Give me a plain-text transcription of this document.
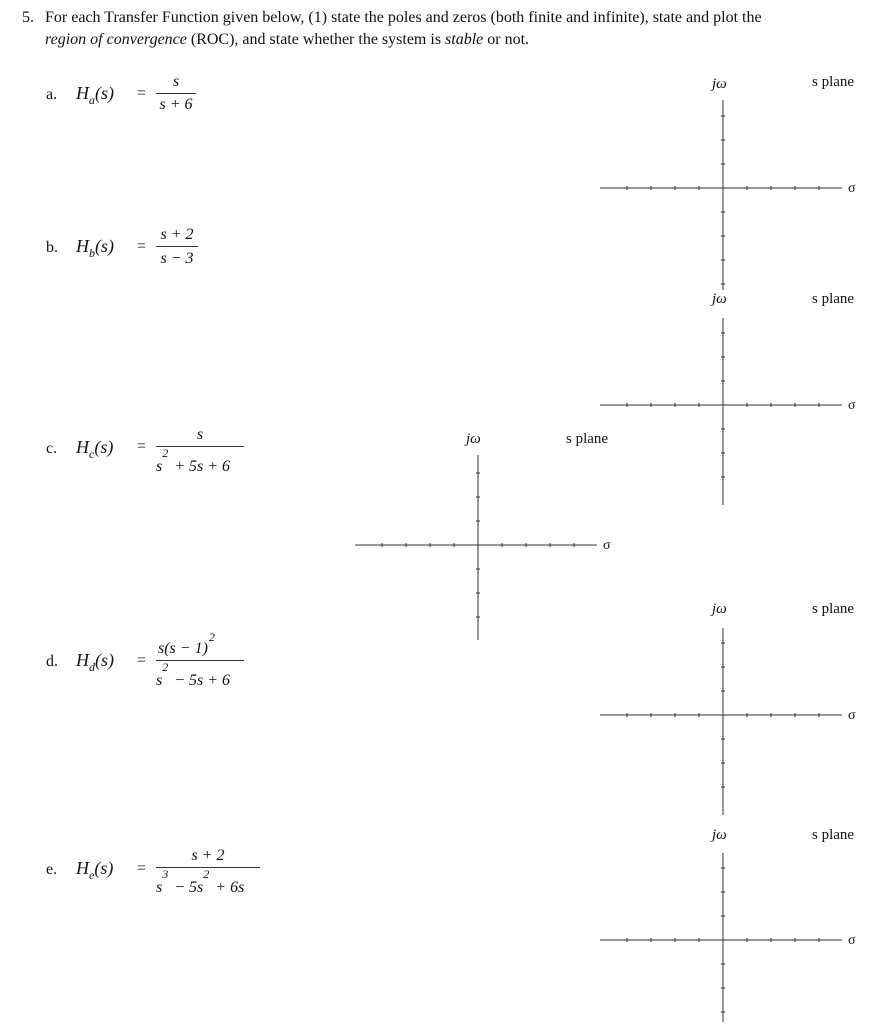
5. For each Transfer Function given below, (1) state the poles and zeros (both finite and infinite), state and plot the
region of convergence (ROC), and state whether the system is stable or not.
a. $H_a(s)$ =
s
s + 6
b. $H_b(s)$ =
s + 2
s − 3
c. $H_c(s)$ =
s
s
2
+ 5s + 6
d. $H_d(s)$ =
s(s − 1)
2
s
2
− 5s + 6
e. $H_e(s)$ =
s + 2
s
3
− 5s
2
+ 6s
jω	s plane
σ
jω	s plane
σ
jω	s plane
σ
jω	s plane
σ
jω	s plane
σ
